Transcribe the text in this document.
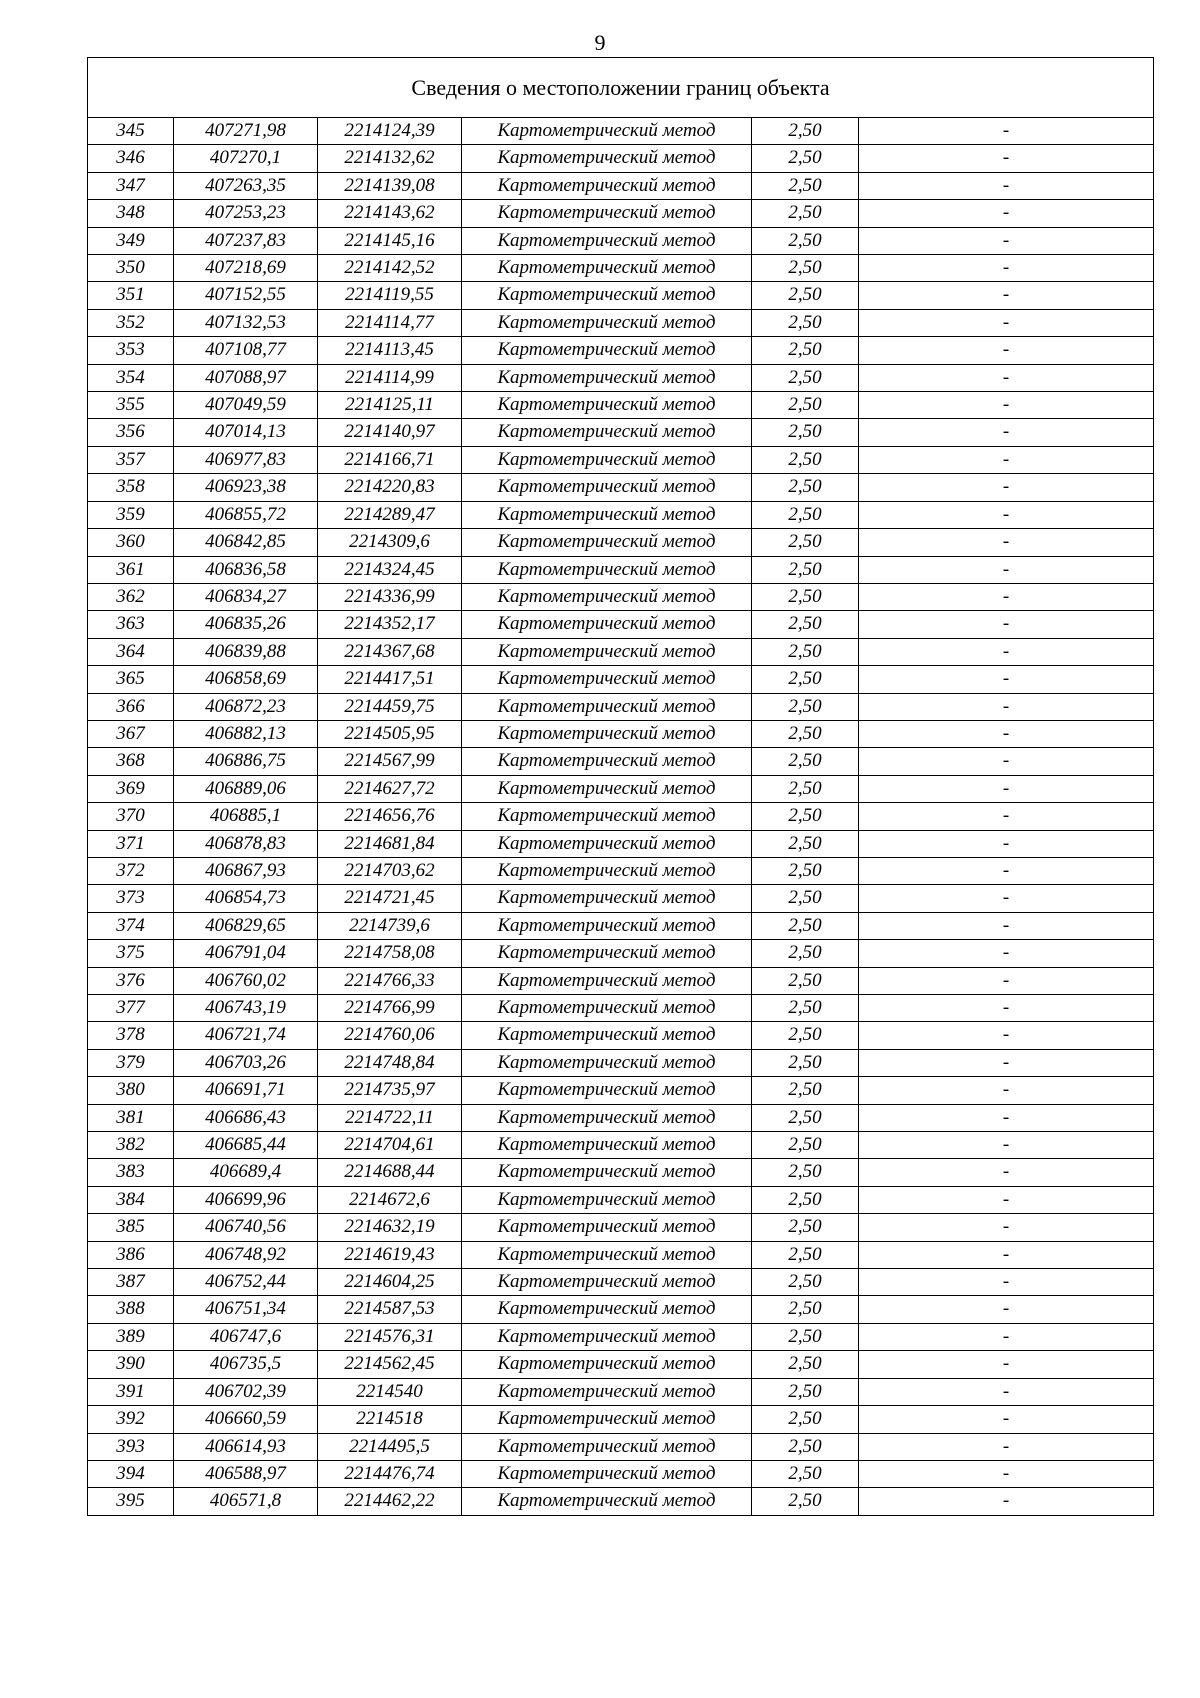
9
Сведения о местоположении границ объекта					
345	407271,98	2214124,39	Картометрический метод	2,50	-
346	407270,1	2214132,62	Картометрический метод	2,50	-
347	407263,35	2214139,08	Картометрический метод	2,50	-
348	407253,23	2214143,62	Картометрический метод	2,50	-
349	407237,83	2214145,16	Картометрический метод	2,50	-
350	407218,69	2214142,52	Картометрический метод	2,50	-
351	407152,55	2214119,55	Картометрический метод	2,50	-
352	407132,53	2214114,77	Картометрический метод	2,50	-
353	407108,77	2214113,45	Картометрический метод	2,50	-
354	407088,97	2214114,99	Картометрический метод	2,50	-
355	407049,59	2214125,11	Картометрический метод	2,50	-
356	407014,13	2214140,97	Картометрический метод	2,50	-
357	406977,83	2214166,71	Картометрический метод	2,50	-
358	406923,38	2214220,83	Картометрический метод	2,50	-
359	406855,72	2214289,47	Картометрический метод	2,50	-
360	406842,85	2214309,6	Картометрический метод	2,50	-
361	406836,58	2214324,45	Картометрический метод	2,50	-
362	406834,27	2214336,99	Картометрический метод	2,50	-
363	406835,26	2214352,17	Картометрический метод	2,50	-
364	406839,88	2214367,68	Картометрический метод	2,50	-
365	406858,69	2214417,51	Картометрический метод	2,50	-
366	406872,23	2214459,75	Картометрический метод	2,50	-
367	406882,13	2214505,95	Картометрический метод	2,50	-
368	406886,75	2214567,99	Картометрический метод	2,50	-
369	406889,06	2214627,72	Картометрический метод	2,50	-
370	406885,1	2214656,76	Картометрический метод	2,50	-
371	406878,83	2214681,84	Картометрический метод	2,50	-
372	406867,93	2214703,62	Картометрический метод	2,50	-
373	406854,73	2214721,45	Картометрический метод	2,50	-
374	406829,65	2214739,6	Картометрический метод	2,50	-
375	406791,04	2214758,08	Картометрический метод	2,50	-
376	406760,02	2214766,33	Картометрический метод	2,50	-
377	406743,19	2214766,99	Картометрический метод	2,50	-
378	406721,74	2214760,06	Картометрический метод	2,50	-
379	406703,26	2214748,84	Картометрический метод	2,50	-
380	406691,71	2214735,97	Картометрический метод	2,50	-
381	406686,43	2214722,11	Картометрический метод	2,50	-
382	406685,44	2214704,61	Картометрический метод	2,50	-
383	406689,4	2214688,44	Картометрический метод	2,50	-
384	406699,96	2214672,6	Картометрический метод	2,50	-
385	406740,56	2214632,19	Картометрический метод	2,50	-
386	406748,92	2214619,43	Картометрический метод	2,50	-
387	406752,44	2214604,25	Картометрический метод	2,50	-
388	406751,34	2214587,53	Картометрический метод	2,50	-
389	406747,6	2214576,31	Картометрический метод	2,50	-
390	406735,5	2214562,45	Картометрический метод	2,50	-
391	406702,39	2214540	Картометрический метод	2,50	-
392	406660,59	2214518	Картометрический метод	2,50	-
393	406614,93	2214495,5	Картометрический метод	2,50	-
394	406588,97	2214476,74	Картометрический метод	2,50	-
395	406571,8	2214462,22	Картометрический метод	2,50	-
